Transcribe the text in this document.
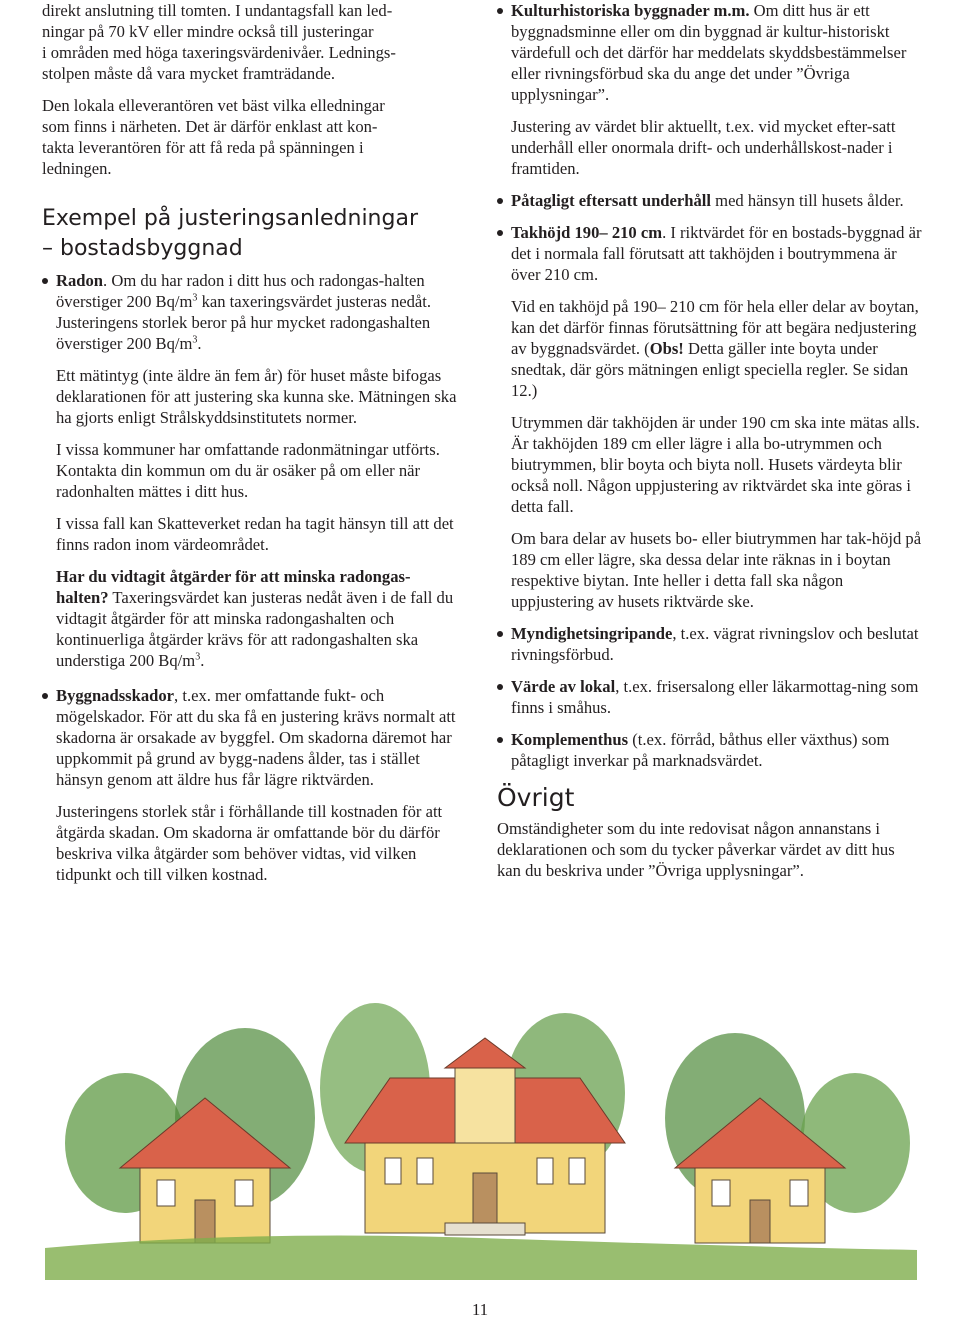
direkt anslutning till tomten. I undantagsfall kan led-
ningar på 70 kV eller mindre också till justeringar
i områden med höga taxeringsvärdenivåer. Lednings-
stolpen måste då vara mycket framträdande.

Den lokala elleverantören vet bäst vilka elledningar
som finns i närheten. Det är därför enklast att kon-
takta leverantören för att få reda på spänningen i
ledningen.

Exempel på justeringsanledningar
– bostadsbyggnad
Radon. Om du har radon i ditt hus och radongas-halten överstiger 200 $Bq/m^3$ kan taxeringsvärdet justeras nedåt. Justeringens storlek beror på hur mycket radongashalten överstiger 200 $Bq/m^3$.

Ett mätintyg (inte äldre än fem år) för huset måste bifogas deklarationen för att justering ska kunna ske. Mätningen ska ha gjorts enligt Strålskyddsinstitutets normer.

I vissa kommuner har omfattande radonmätningar utförts. Kontakta din kommun om du är osäker på om eller när radonhalten mättes i ditt hus.

I vissa fall kan Skatteverket redan ha tagit hänsyn till att det finns radon inom värdeområdet.

Har du vidtagit åtgärder för att minska radongas-halten? Taxeringsvärdet kan justeras nedåt även i de fall du vidtagit åtgärder för att minska radongashalten och kontinuerliga åtgärder krävs för att radongashalten ska understiga 200 $Bq/m^3$.

Byggnadsskador, t.ex. mer omfattande fukt- och mögelskador. För att du ska få en justering krävs normalt att skadorna är orsakade av byggfel. Om skadorna däremot har uppkommit på grund av bygg-nadens ålder, tas i stället hänsyn genom att äldre hus får lägre riktvärden.

Justeringens storlek står i förhållande till kostnaden för att åtgärda skadan. Om skadorna är omfattande bör du därför beskriva vilka åtgärder som behöver vidtas, vid vilken tidpunkt och till vilken kostnad.

Kulturhistoriska byggnader m.m. Om ditt hus är ett byggnadsminne eller om din byggnad är kultur-historiskt värdefull och det därför har meddelats skyddsbestämmelser eller rivningsförbud ska du ange det under ”Övriga upplysningar”.

Justering av värdet blir aktuellt, t.ex. vid mycket efter-satt underhåll eller onormala drift- och underhållskost-nader i framtiden.

Påtagligt eftersatt underhåll med hänsyn till husets ålder.
Takhöjd 190– 210 cm. I riktvärdet för en bostads-byggnad är det i normala fall förutsatt att takhöjden i boutrymmena är över 210 cm.

Vid en takhöjd på 190– 210 cm för hela eller delar av boytan, kan det därför finnas förutsättning för att begära nedjustering av byggnadsvärdet. (Obs! Detta gäller inte boyta under snedtak, där görs mätningen enligt speciella regler. Se sidan 12.)

Utrymmen där takhöjden är under 190 cm ska inte mätas alls. Är takhöjden 189 cm eller lägre i alla bo-utrymmen och biutrymmen, blir boyta och biyta noll. Husets värdeyta blir också noll. Någon uppjustering av riktvärdet ska inte göras i detta fall.

Om bara delar av husets bo- eller biutrymmen har tak-höjd på 189 cm eller lägre, ska dessa delar inte räknas in i boytan respektive biytan. Inte heller i detta fall ska någon uppjustering av husets riktvärde ske.

Myndighetsingripande, t.ex. vägrat rivningslov och beslutat rivningsförbud.
Värde av lokal, t.ex. frisersalong eller läkarmottag-ning som finns i småhus.
Komplementhus (t.ex. förråd, båthus eller växthus) som påtagligt inverkar på marknadsvärdet.
Övrigt

Omständigheter som du inte redovisat någon annanstans i deklarationen och som du tycker påverkar värdet av ditt hus kan du beskriva under ”Övriga upplysningar”.

11
